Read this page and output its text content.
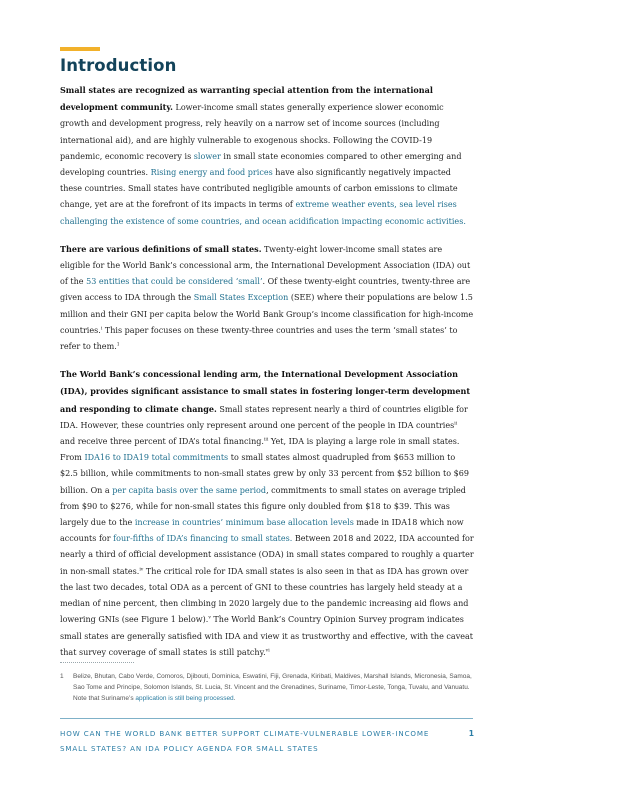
Introduction

Small states are recognized as warranting special attention from the international development community. Lower-income small states generally experience slower economic growth and development progress, rely heavily on a narrow set of income sources (including international aid), and are highly vulnerable to exogenous shocks. Following the COVID-19 pandemic, economic recovery is slower in small state economies compared to other emerging and developing countries. Rising energy and food prices have also significantly negatively impacted these countries. Small states have contributed negligible amounts of carbon emissions to climate change, yet are at the forefront of its impacts in terms of extreme weather events, sea level rises challenging the existence of some countries, and ocean acidification impacting economic activities.

There are various definitions of small states. Twenty-eight lower-income small states are eligible for the World Bank’s concessional arm, the International Development Association (IDA) out of the 53 entities that could be considered ‘small’. Of these twenty-eight countries, twenty-three are given access to IDA through the Small States Exception (SEE) where their populations are below 1.5 million and their GNI per capita below the World Bank Group’s income classification for high-income countries.$^i$ This paper focuses on these twenty-three countries and uses the term ‘small states’ to refer to them.$^1$

The World Bank’s concessional lending arm, the International Development Association (IDA), provides significant assistance to small states in fostering longer-term development and responding to climate change. Small states represent nearly a third of countries eligible for IDA. However, these countries only represent around one percent of the people in IDA countries$^{ii}$ and receive three percent of IDA’s total financing.$^{iii}$ Yet, IDA is playing a large role in small states. From IDA16 to IDA19 total commitments to small states almost quadrupled from $653 million to $2.5 billion, while commitments to non-small states grew by only 33 percent from $52 billion to $69 billion. On a per capita basis over the same period, commitments to small states on average tripled from $90 to $276, while for non-small states this figure only doubled from $18 to $39. This was largely due to the increase in countries’ minimum base allocation levels made in IDA18 which now accounts for four-fifths of IDA’s financing to small states. Between 2018 and 2022, IDA accounted for nearly a third of official development assistance (ODA) in small states compared to roughly a quarter in non-small states.$^{iv}$ The critical role for IDA small states is also seen in that as IDA has grown over the last two decades, total ODA as a percent of GNI to these countries has largely held steady at a median of nine percent, then climbing in 2020 largely due to the pandemic increasing aid flows and lowering GNIs (see Figure 1 below).$^v$ The World Bank’s Country Opinion Survey program indicates small states are generally satisfied with IDA and view it as trustworthy and effective, with the caveat that survey coverage of small states is still patchy.$^{vi}$

1 Belize, Bhutan, Cabo Verde, Comoros, Djibouti, Dominica, Eswatini, Fiji, Grenada, Kiribati, Maldives, Marshall Islands, Micronesia, Samoa, Sao Tome and Principe, Solomon Islands, St. Lucia, St. Vincent and the Grenadines, Suriname, Timor-Leste, Tonga, Tuvalu, and Vanuatu. Note that Suriname’s application is still being processed.
HOW CAN THE WORLD BANK BETTER SUPPORT CLIMATE-VULNERABLE LOWER-INCOME SMALL STATES? AN IDA POLICY AGENDA FOR SMALL STATES
1
